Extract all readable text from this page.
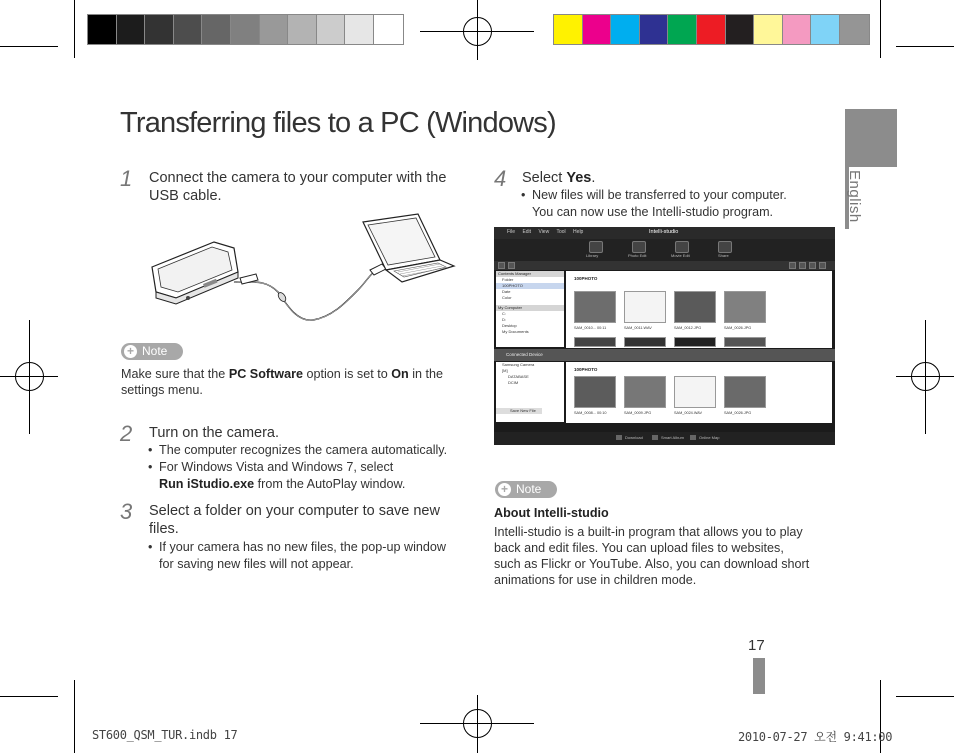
English
Transferring files to a PC (Windows)
1 Connect the camera to your computer with the USB cable.
+ Note
Make sure that the PC Software option is set to On in the
settings menu.
2 Turn on the camera.
• The computer recognizes the camera automatically.
• For Windows Vista and Windows 7, select
Run iStudio.exe from the AutoPlay window.
3 Select a folder on your computer to save new
files.
• If your camera has no new files, the pop-up window
for saving new files will not appear.
4 Select Yes.
• New files will be transferred to your computer.
You can now use the Intelli-studio program.
File Edit View Tool Help	Intelli-studio
Library	Photo Edit	Movie Edit	Share
Contents Manager
Folder
100PHOTO
Date
Color
My Computer
C:
D:
Desktop
My Documents
100PHOTO
SAM_0010... 00:11	SAM_0011.WAV	SAM_0012.JPG	SAM_0026.JPG
Connected Device
Samsung Camera
[M]
DATABASE
DCIM
Save New File
100PHOTO
SAM_0008... 00:10	SAM_0009.JPG	SAM_0024.WAV	SAM_0026.JPG
Download	Smart Album	Online Map
+ Note
About Intelli-studio
Intelli-studio is a built-in program that allows you to play
back and edit files. You can upload files to websites,
such as Flickr or YouTube. Also, you can download short
animations for use in children mode.
17
ST600_QSM_TUR.indb 17	2010-07-27 오전 9:41:00
